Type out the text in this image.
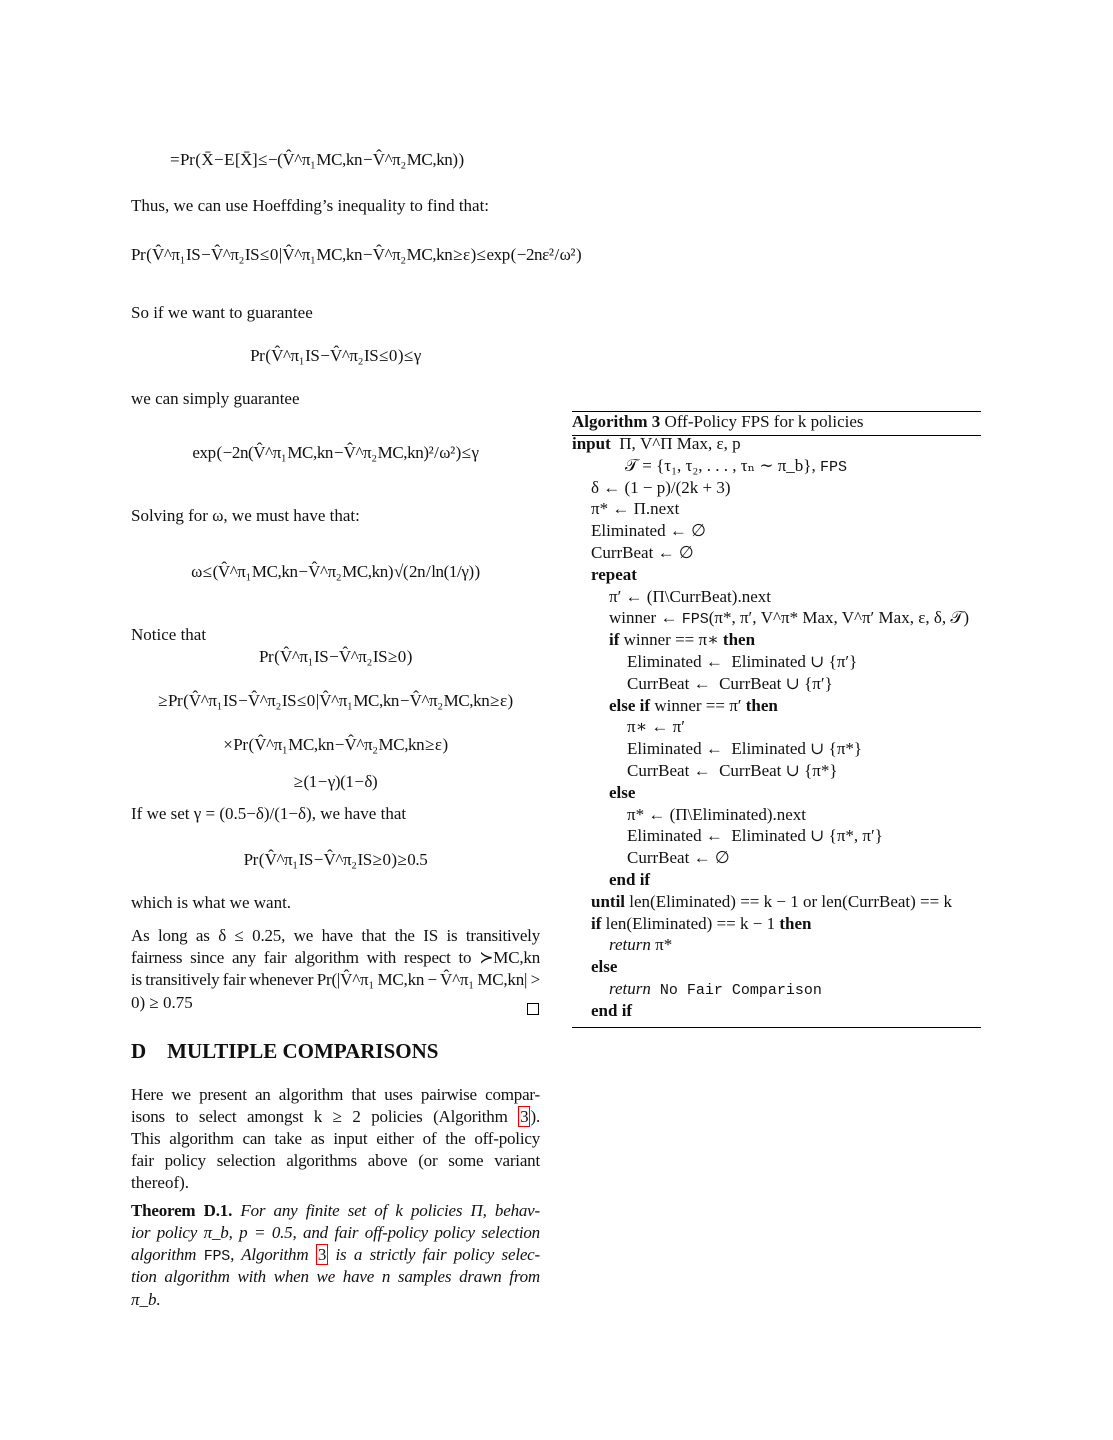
Algorithm 3 Off-Policy FPS for k policies
= Pr ( X̄ − E [X̄] ≤ −(V̂^π₁ MC,kn − V̂^π₂ MC,kn) )
Thus, we can use Hoeffding’s inequality to find that:
Pr ( V̂^π₁ IS − V̂^π₂ IS ≤ 0 | V̂^π₁ MC,kn − V̂^π₂ MC,kn ≥ ε ) ≤ exp ( −2nε² / ω² )
So if we want to guarantee
Pr ( V̂^π₁ IS − V̂^π₂ IS ≤ 0 ) ≤ γ
we can simply guarantee
exp ( −2n(V̂^π₁ MC,kn − V̂^π₂ MC,kn)² / ω² ) ≤ γ
Solving for ω, we must have that:
ω ≤ (V̂^π₁ MC,kn − V̂^π₂ MC,kn) √( 2n / ln(1/γ) )
Notice that
Pr ( V̂^π₁ IS − V̂^π₂ IS ≥ 0 )
≥ Pr ( V̂^π₁ IS − V̂^π₂ IS ≤ 0 | V̂^π₁ MC,kn − V̂^π₂ MC,kn ≥ ε )
× Pr ( V̂^π₁ MC,kn − V̂^π₂ MC,kn ≥ ε )
≥ (1 − γ)(1 − δ)
If we set γ = (0.5−δ)/(1−δ), we have that
Pr ( V̂^π₁ IS − V̂^π₂ IS ≥ 0 ) ≥ 0.5
which is what we want.
As long as δ ≤ 0.25, we have that the IS is transitively
fairness since any fair algorithm with respect to ≻MC,kn
is transitively fair whenever Pr(|V̂^π₁ MC,kn − V̂^π₁ MC,kn| >
0) ≥ 0.75
D    MULTIPLE COMPARISONS
Here we present an algorithm that uses pairwise compar-
isons to select amongst k ≥ 2 policies (Algorithm 3 ).
This algorithm can take as input either of the off-policy
fair policy selection algorithms above (or some variant
thereof).
Theorem D.1. For any finite set of k policies Π, behav-
ior policy π_b, p = 0.5, and fair off-policy policy selection
algorithm FPS, Algorithm 3 is a strictly fair policy selec-
tion algorithm with when we have n samples drawn from
π_b.
input  Π, V^Π Max, ε, p
𝒯 = {τ₁, τ₂, . . . , τₙ ∼ π_b}, FPS
δ ← (1 − p)/(2k + 3)
π* ← Π.next
Eliminated ← ∅
CurrBeat ← ∅
repeat
π′ ← (Π\CurrBeat).next
winner ← FPS(π*, π′, V^π* Max, V^π′ Max, ε, δ, 𝒯)
if winner == π∗ then
Eliminated ←  Eliminated ∪ {π′}
CurrBeat ←  CurrBeat ∪ {π′}
else if winner == π′ then
π∗ ← π′
Eliminated ←  Eliminated ∪ {π*}
CurrBeat ←  CurrBeat ∪ {π*}
else
π* ← (Π\Eliminated).next
Eliminated ←  Eliminated ∪ {π*, π′}
CurrBeat ← ∅
end if
until len(Eliminated) == k − 1 or len(CurrBeat) == k
if len(Eliminated) == k − 1 then
return π*
else
return No Fair Comparison
end if
